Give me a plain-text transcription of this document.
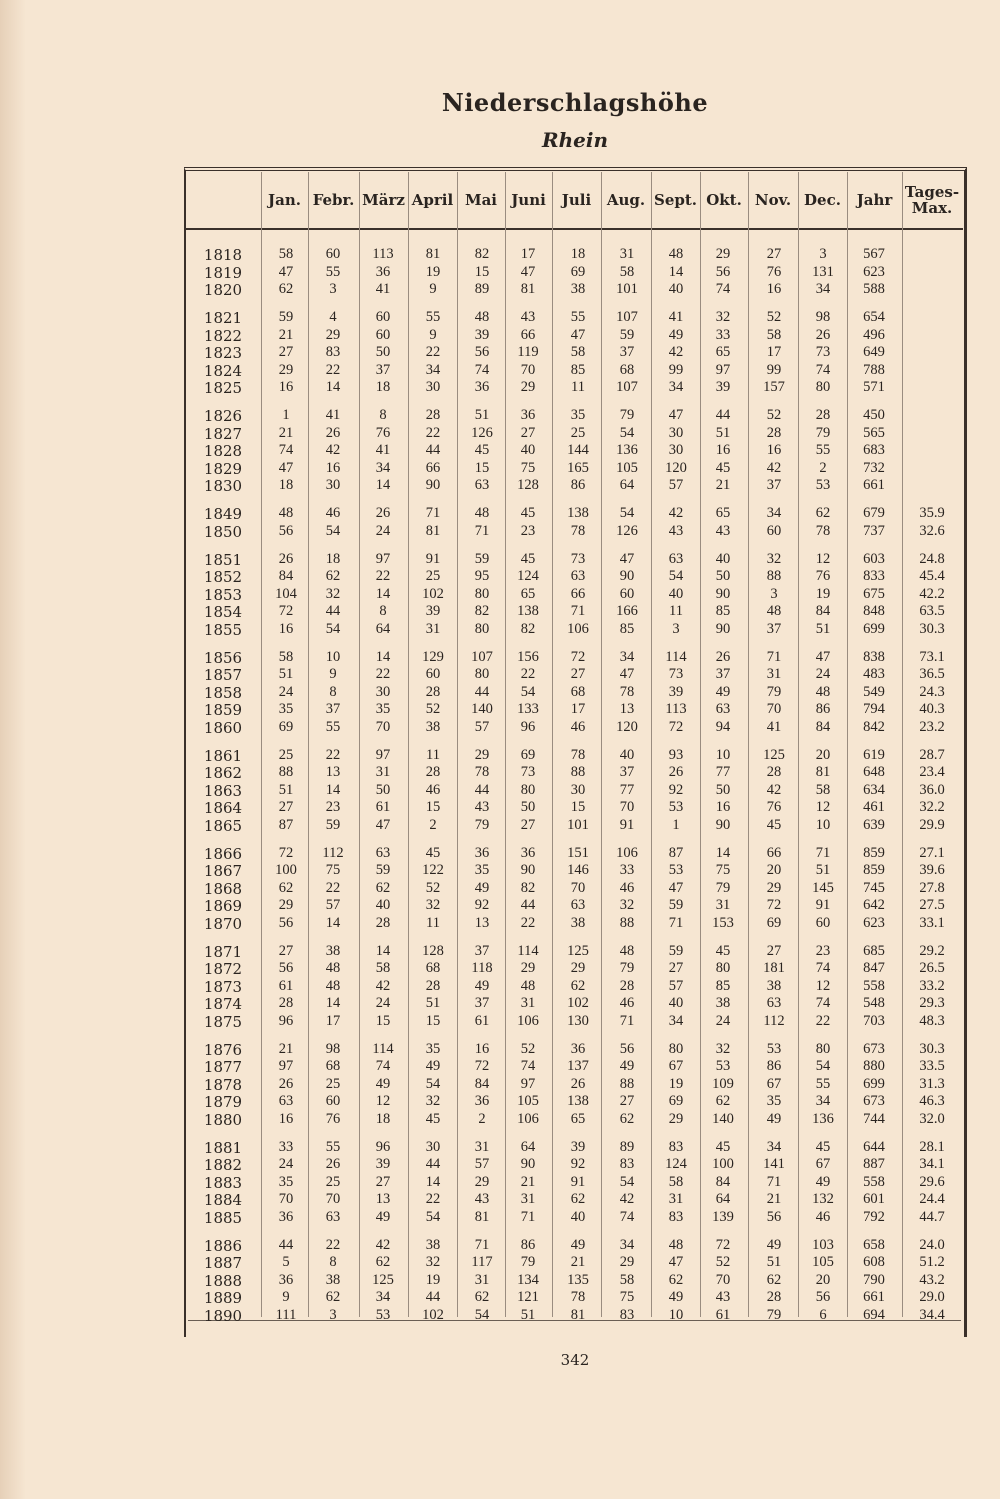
Niederschlagshöhe
Rhein
Jan. Febr. März April Mai Juni	Juli	Aug. Sept. Okt. Nov. Dec.	Jahr Tages-
Max.
1818	58	60	113	81	82	17	18	31	48	29	27	3	567
1819	47	55	36	19	15	47	69	58	14	56	76	131	623
1820	62	3	41	9	89	81	38	101	40	74	16	34	588
1821	59	4	60	55	48	43	55	107	41	32	52	98	654
1822	21	29	60	9	39	66	47	59	49	33	58	26	496
1823	27	83	50	22	56	119	58	37	42	65	17	73	649
1824	29	22	37	34	74	70	85	68	99	97	99	74	788
1825	16	14	18	30	36	29	11	107	34	39	157	80	571
1826	1	41	8	28	51	36	35	79	47	44	52	28	450
1827	21	26	76	22	126	27	25	54	30	51	28	79	565
1828	74	42	41	44	45	40	144	136	30	16	16	55	683
1829	47	16	34	66	15	75	165	105	120	45	42	2	732
1830	18	30	14	90	63	128	86	64	57	21	37	53	661
1849	48	46	26	71	48	45	138	54	42	65	34	62	679	35.9
1850	56	54	24	81	71	23	78	126	43	43	60	78	737	32.6
1851	26	18	97	91	59	45	73	47	63	40	32	12	603	24.8
1852	84	62	22	25	95	124	63	90	54	50	88	76	833	45.4
1853	104	32	14	102	80	65	66	60	40	90	3	19	675	42.2
1854	72	44	8	39	82	138	71	166	11	85	48	84	848	63.5
1855	16	54	64	31	80	82	106	85	3	90	37	51	699	30.3
1856	58	10	14	129	107	156	72	34	114	26	71	47	838	73.1
1857	51	9	22	60	80	22	27	47	73	37	31	24	483	36.5
1858	24	8	30	28	44	54	68	78	39	49	79	48	549	24.3
1859	35	37	35	52	140	133	17	13	113	63	70	86	794	40.3
1860	69	55	70	38	57	96	46	120	72	94	41	84	842	23.2
1861	25	22	97	11	29	69	78	40	93	10	125	20	619	28.7
1862	88	13	31	28	78	73	88	37	26	77	28	81	648	23.4
1863	51	14	50	46	44	80	30	77	92	50	42	58	634	36.0
1864	27	23	61	15	43	50	15	70	53	16	76	12	461	32.2
1865	87	59	47	2	79	27	101	91	1	90	45	10	639	29.9
1866	72	112	63	45	36	36	151	106	87	14	66	71	859	27.1
1867	100	75	59	122	35	90	146	33	53	75	20	51	859	39.6
1868	62	22	62	52	49	82	70	46	47	79	29	145	745	27.8
1869	29	57	40	32	92	44	63	32	59	31	72	91	642	27.5
1870	56	14	28	11	13	22	38	88	71	153	69	60	623	33.1
1871	27	38	14	128	37	114	125	48	59	45	27	23	685	29.2
1872	56	48	58	68	118	29	29	79	27	80	181	74	847	26.5
1873	61	48	42	28	49	48	62	28	57	85	38	12	558	33.2
1874	28	14	24	51	37	31	102	46	40	38	63	74	548	29.3
1875	96	17	15	15	61	106	130	71	34	24	112	22	703	48.3
1876	21	98	114	35	16	52	36	56	80	32	53	80	673	30.3
1877	97	68	74	49	72	74	137	49	67	53	86	54	880	33.5
1878	26	25	49	54	84	97	26	88	19	109	67	55	699	31.3
1879	63	60	12	32	36	105	138	27	69	62	35	34	673	46.3
1880	16	76	18	45	2	106	65	62	29	140	49	136	744	32.0
1881	33	55	96	30	31	64	39	89	83	45	34	45	644	28.1
1882	24	26	39	44	57	90	92	83	124	100	141	67	887	34.1
1883	35	25	27	14	29	21	91	54	58	84	71	49	558	29.6
1884	70	70	13	22	43	31	62	42	31	64	21	132	601	24.4
1885	36	63	49	54	81	71	40	74	83	139	56	46	792	44.7
1886	44	22	42	38	71	86	49	34	48	72	49	103	658	24.0
1887	5	8	62	32	117	79	21	29	47	52	51	105	608	51.2
1888	36	38	125	19	31	134	135	58	62	70	62	20	790	43.2
1889	9	62	34	44	62	121	78	75	49	43	28	56	661	29.0
1890	111	3	53	102	54	51	81	83	10	61	79	6	694	34.4
342
